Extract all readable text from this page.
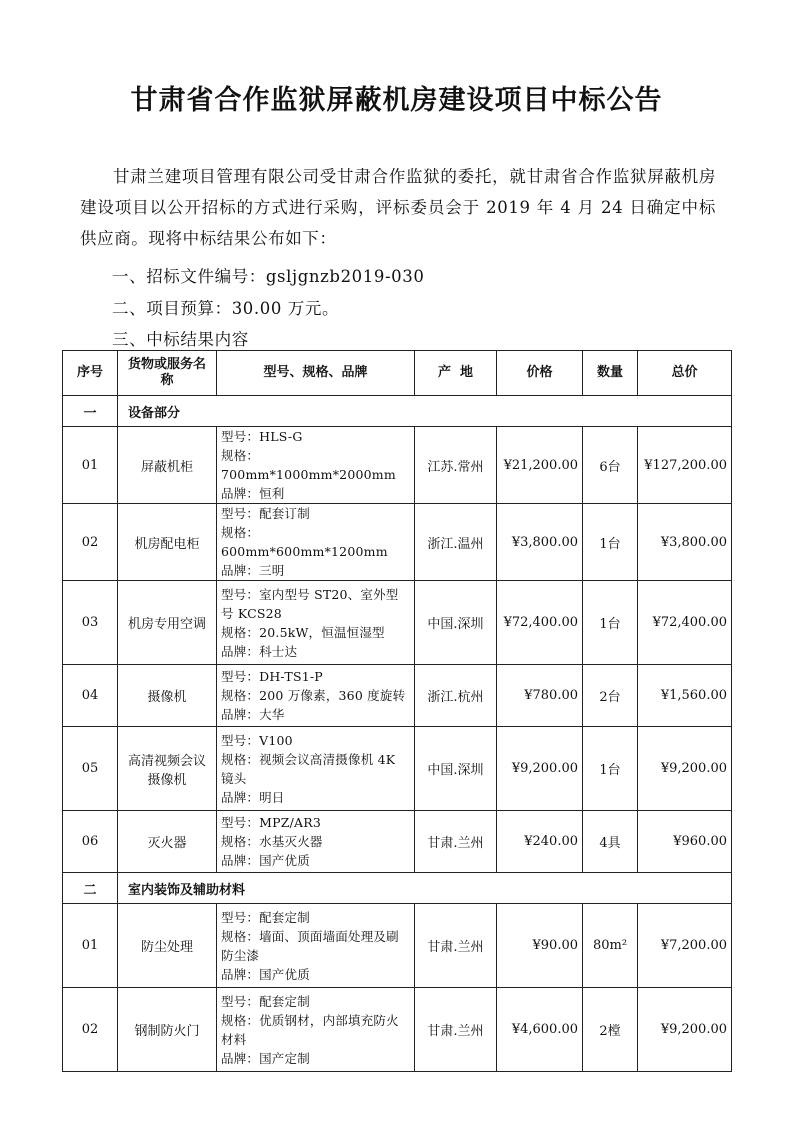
甘肃省合作监狱屏蔽机房建设项目中标公告
甘肃兰建项目管理有限公司受甘肃合作监狱的委托，就甘肃省合作监狱屏蔽机房建设项目以公开招标的方式进行采购，评标委员会于 2019 年 4 月 24 日确定中标供应商。现将中标结果公布如下：
一、招标文件编号：gsljgnzb2019-030
二、项目预算：30.00 万元。
三、中标结果内容
序号	货物或服务名称	型号、规格、品牌	产  地	价格	数量	总价
一	设备部分					
01	屏蔽机柜	型号：HLS-G
规格：700mm*1000mm*2000mm
品牌：恒利	江苏.常州	¥21,200.00	6台	¥127,200.00
02	机房配电柜	型号：配套订制
规格：600mm*600mm*1200mm
品牌：三明	浙江.温州	¥3,800.00	1台	¥3,800.00
03	机房专用空调	型号：室内型号 ST20、室外型号 KCS28
规格：20.5kW，恒温恒湿型
品牌：科士达	中国.深圳	¥72,400.00	1台	¥72,400.00
04	摄像机	型号：DH-TS1-P
规格：200 万像素，360 度旋转
品牌：大华	浙江.杭州	¥780.00	2台	¥1,560.00
05	高清视频会议摄像机	型号：V100
规格：视频会议高清摄像机 4K 镜头
品牌：明日	中国.深圳	¥9,200.00	1台	¥9,200.00
06	灭火器	型号：MPZ/AR3
规格：水基灭火器
品牌：国产优质	甘肃.兰州	¥240.00	4具	¥960.00
二	室内装饰及辅助材料					
01	防尘处理	型号：配套定制
规格：墙面、顶面墙面处理及刷防尘漆
品牌：国产优质	甘肃.兰州	¥90.00	80m²	¥7,200.00
02	钢制防火门	型号：配套定制
规格：优质钢材，内部填充防火材料
品牌：国产定制	甘肃.兰州	¥4,600.00	2樘	¥9,200.00
